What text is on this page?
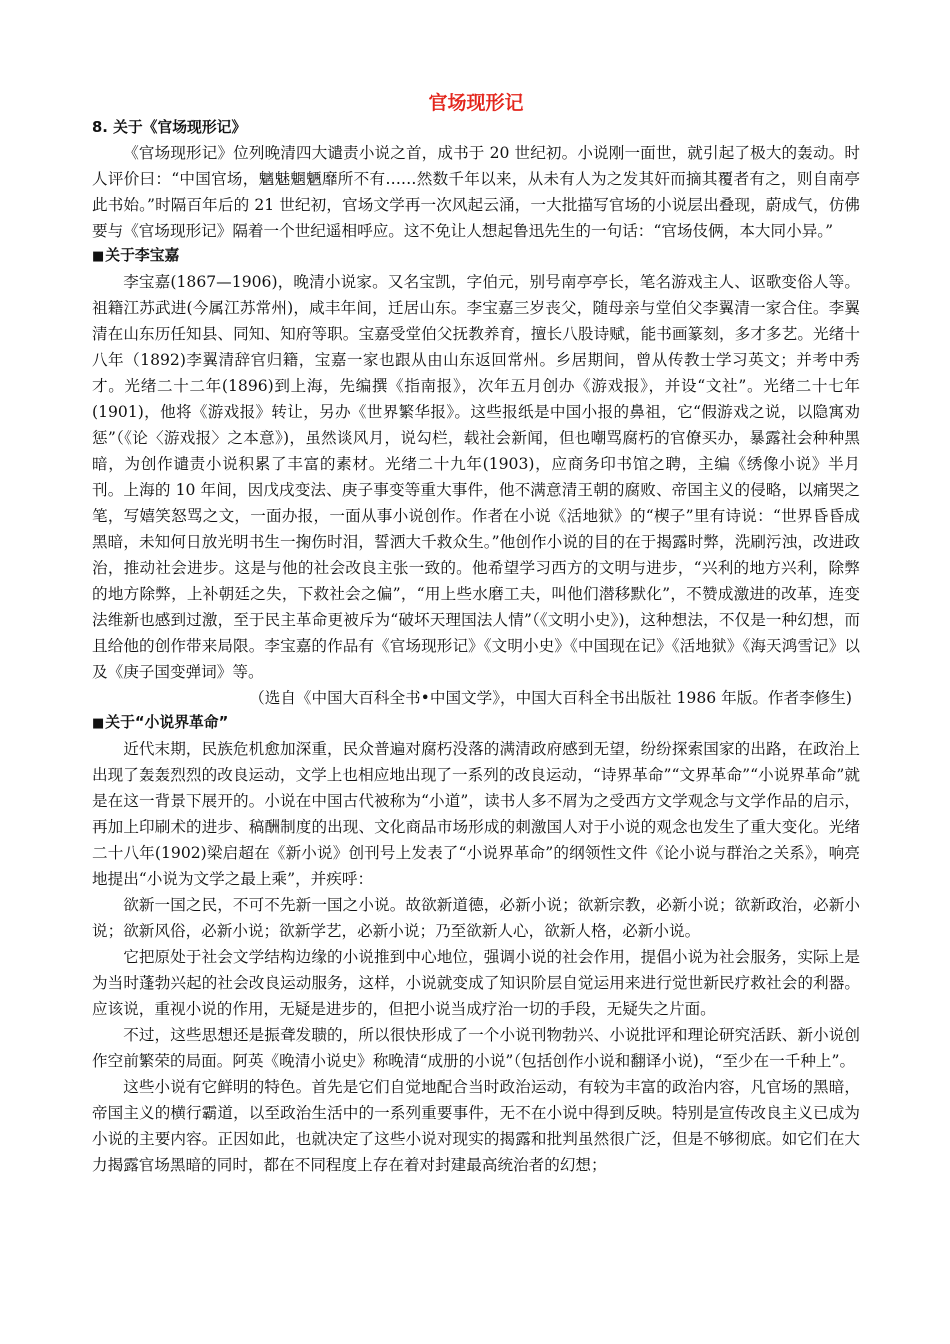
官场现形记
8. 关于《官场现形记》

《官场现形记》位列晚清四大谴责小说之首，成书于 20 世纪初。小说刚一面世，就引起了极大的轰动。时人评价曰：“中国官场，魑魅魍魉靡所不有……然数千年以来，从未有人为之发其奸而摘其覆者有之，则自南亭此书始。”时隔百年后的 21 世纪初，官场文学再一次风起云涌，一大批描写官场的小说层出叠现，蔚成气，仿佛要与《官场现形记》隔着一个世纪遥相呼应。这不免让人想起鲁迅先生的一句话：“官场伎俩，本大同小异。”

■关于李宝嘉

李宝嘉(1867—1906)，晚清小说家。又名宝凯，字伯元，别号南亭亭长，笔名游戏主人、讴歌变俗人等。祖籍江苏武进(今属江苏常州)，咸丰年间，迁居山东。李宝嘉三岁丧父，随母亲与堂伯父李翼清一家合住。李翼清在山东历任知县、同知、知府等职。宝嘉受堂伯父抚教养育，擅长八股诗赋，能书画篆刻，多才多艺。光绪十八年（1892)李翼清辞官归籍，宝嘉一家也跟从由山东返回常州。乡居期间，曾从传教士学习英文；并考中秀才。光绪二十二年(1896)到上海，先编撰《指南报》，次年五月创办《游戏报》，并设“文社”。光绪二十七年(1901)，他将《游戏报》转让，另办《世界繁华报》。这些报纸是中国小报的鼻祖，它“假游戏之说，以隐寓劝惩”（《论〈游戏报〉之本意》)，虽然谈风月，说勾栏，载社会新闻，但也嘲骂腐朽的官僚买办，暴露社会种种黑暗，为创作谴责小说积累了丰富的素材。光绪二十九年(1903)，应商务印书馆之聘，主编《绣像小说》半月刊。上海的 10 年间，因戊戌变法、庚子事变等重大事件，他不满意清王朝的腐败、帝国主义的侵略，以痛哭之笔，写嬉笑怒骂之文，一面办报，一面从事小说创作。作者在小说《活地狱》的“楔子”里有诗说：“世界昏昏成黑暗，未知何日放光明书生一掬伤时泪，誓洒大千救众生。”他创作小说的目的在于揭露时弊，洗刷污浊，改进政治，推动社会进步。这是与他的社会改良主张一致的。他希望学习西方的文明与进步，“兴利的地方兴利，除弊的地方除弊，上补朝廷之失，下救社会之偏”，“用上些水磨工夫，叫他们潜移默化”，不赞成激进的改革，连变法维新也感到过激，至于民主革命更被斥为“破坏天理国法人情”（《文明小史》)，这种想法，不仅是一种幻想，而且给他的创作带来局限。李宝嘉的作品有《官场现形记》《文明小史》《中国现在记》《活地狱》《海天鸿雪记》以及《庚子国变弹词》等。

（选自《中国大百科全书•中国文学》，中国大百科全书出版社 1986 年版。作者李修生)

■关于“小说界革命”

近代末期，民族危机愈加深重，民众普遍对腐朽没落的满清政府感到无望，纷纷探索国家的出路，在政治上出现了轰轰烈烈的改良运动，文学上也相应地出现了一系列的改良运动，“诗界革命”“文界革命”“小说界革命”就是在这一背景下展开的。小说在中国古代被称为“小道”，读书人多不屑为之受西方文学观念与文学作品的启示，再加上印刷术的进步、稿酬制度的出现、文化商品市场形成的刺激国人对于小说的观念也发生了重大变化。光绪二十八年(1902)梁启超在《新小说》创刊号上发表了“小说界革命”的纲领性文件《论小说与群治之关系》，响亮地提出“小说为文学之最上乘”，并疾呼：

欲新一国之民，不可不先新一国之小说。故欲新道德，必新小说；欲新宗教，必新小说；欲新政治，必新小说；欲新风俗，必新小说；欲新学艺，必新小说；乃至欲新人心，欲新人格，必新小说。

它把原处于社会文学结构边缘的小说推到中心地位，强调小说的社会作用，提倡小说为社会服务，实际上是为当时蓬勃兴起的社会改良运动服务，这样，小说就变成了知识阶层自觉运用来进行觉世新民疗救社会的利器。应该说，重视小说的作用，无疑是进步的，但把小说当成疗治一切的手段，无疑失之片面。

不过，这些思想还是振聋发聩的，所以很快形成了一个小说刊物勃兴、小说批评和理论研究活跃、新小说创作空前繁荣的局面。阿英《晚清小说史》称晚清“成册的小说”（包括创作小说和翻译小说)，“至少在一千种上”。

这些小说有它鲜明的特色。首先是它们自觉地配合当时政治运动，有较为丰富的政治内容，凡官场的黑暗，帝国主义的横行霸道，以至政治生活中的一系列重要事件，无不在小说中得到反映。特别是宣传改良主义已成为小说的主要内容。正因如此，也就决定了这些小说对现实的揭露和批判虽然很广泛，但是不够彻底。如它们在大力揭露官场黑暗的同时，都在不同程度上存在着对封建最高统治者的幻想；
